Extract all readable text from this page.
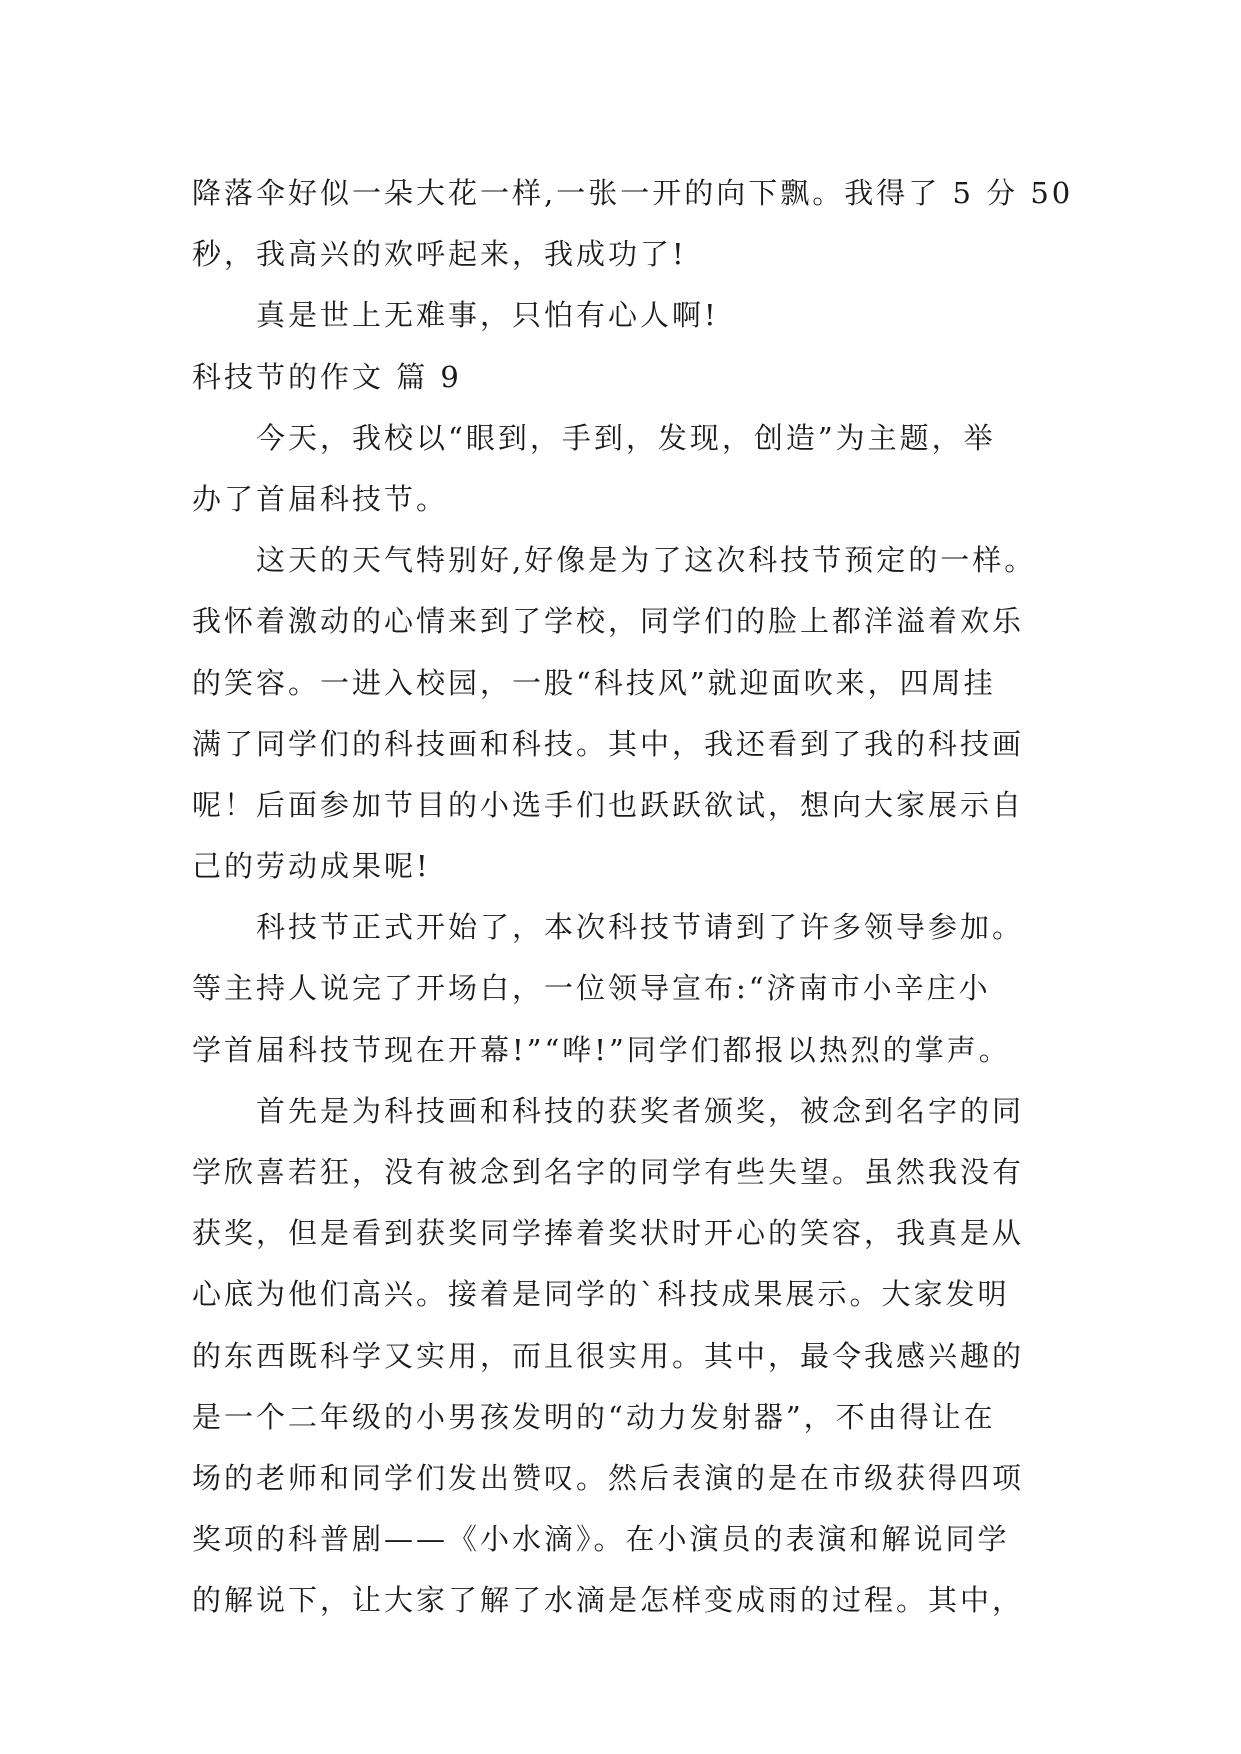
降落伞好似一朵大花一样,一张一开的向下飘。我得了 5 分 50

秒，我高兴的欢呼起来，我成功了!

真是世上无难事，只怕有心人啊!

科技节的作文 篇 9

今天，我校以“眼到，手到，发现，创造”为主题，举

办了首届科技节。

这天的天气特别好,好像是为了这次科技节预定的一样。

我怀着激动的心情来到了学校，同学们的脸上都洋溢着欢乐

的笑容。一进入校园，一股“科技风”就迎面吹来，四周挂

满了同学们的科技画和科技。其中，我还看到了我的科技画

呢！后面参加节目的小选手们也跃跃欲试，想向大家展示自

己的劳动成果呢!

科技节正式开始了，本次科技节请到了许多领导参加。

等主持人说完了开场白，一位领导宣布:“济南市小辛庄小

学首届科技节现在开幕!”“哗!”同学们都报以热烈的掌声。

首先是为科技画和科技的获奖者颁奖，被念到名字的同

学欣喜若狂，没有被念到名字的同学有些失望。虽然我没有

获奖，但是看到获奖同学捧着奖状时开心的笑容，我真是从

心底为他们高兴。接着是同学的`科技成果展示。大家发明

的东西既科学又实用，而且很实用。其中，最令我感兴趣的

是一个二年级的小男孩发明的“动力发射器”，不由得让在

场的老师和同学们发出赞叹。然后表演的是在市级获得四项

奖项的科普剧——《小水滴》。在小演员的表演和解说同学

的解说下，让大家了解了水滴是怎样变成雨的过程。其中，
